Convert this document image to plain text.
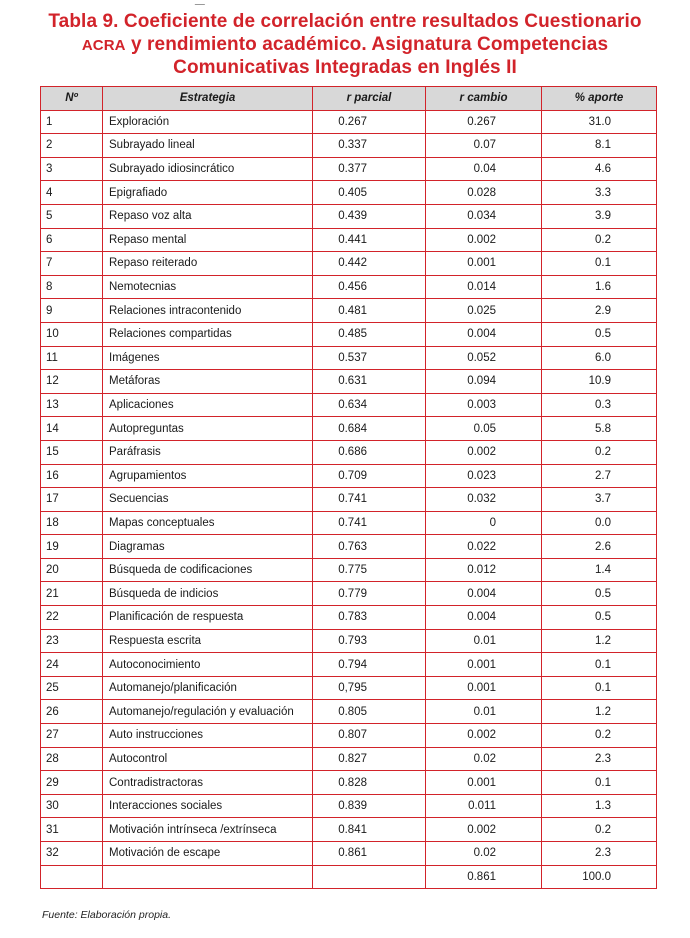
Tabla 9. Coeficiente de correlación entre resultados Cuestionario
ACRA y rendimiento académico. Asignatura Competencias
Comunicativas Integradas en Inglés II
Nº	Estrategia	r parcial	r cambio	% aporte
1	Exploración	0.267	0.267	31.0
2	Subrayado lineal	0.337	0.07	8.1
3	Subrayado idiosincrático	0.377	0.04	4.6
4	Epigrafiado	0.405	0.028	3.3
5	Repaso voz alta	0.439	0.034	3.9
6	Repaso mental	0.441	0.002	0.2
7	Repaso reiterado	0.442	0.001	0.1
8	Nemotecnias	0.456	0.014	1.6
9	Relaciones intracontenido	0.481	0.025	2.9
10	Relaciones compartidas	0.485	0.004	0.5
11	Imágenes	0.537	0.052	6.0
12	Metáforas	0.631	0.094	10.9
13	Aplicaciones	0.634	0.003	0.3
14	Autopreguntas	0.684	0.05	5.8
15	Paráfrasis	0.686	0.002	0.2
16	Agrupamientos	0.709	0.023	2.7
17	Secuencias	0.741	0.032	3.7
18	Mapas conceptuales	0.741	0	0.0
19	Diagramas	0.763	0.022	2.6
20	Búsqueda de codificaciones	0.775	0.012	1.4
21	Búsqueda de indicios	0.779	0.004	0.5
22	Planificación de respuesta	0.783	0.004	0.5
23	Respuesta escrita	0.793	0.01	1.2
24	Autoconocimiento	0.794	0.001	0.1
25	Automanejo/planificación	0,795	0.001	0.1
26	Automanejo/regulación y evaluación	0.805	0.01	1.2
27	Auto instrucciones	0.807	0.002	0.2
28	Autocontrol	0.827	0.02	2.3
29	Contradistractoras	0.828	0.001	0.1
30	Interacciones sociales	0.839	0.011	1.3
31	Motivación intrínseca /extrínseca	0.841	0.002	0.2
32	Motivación de escape	0.861	0.02	2.3
			0.861	100.0
Fuente: Elaboración propia.
